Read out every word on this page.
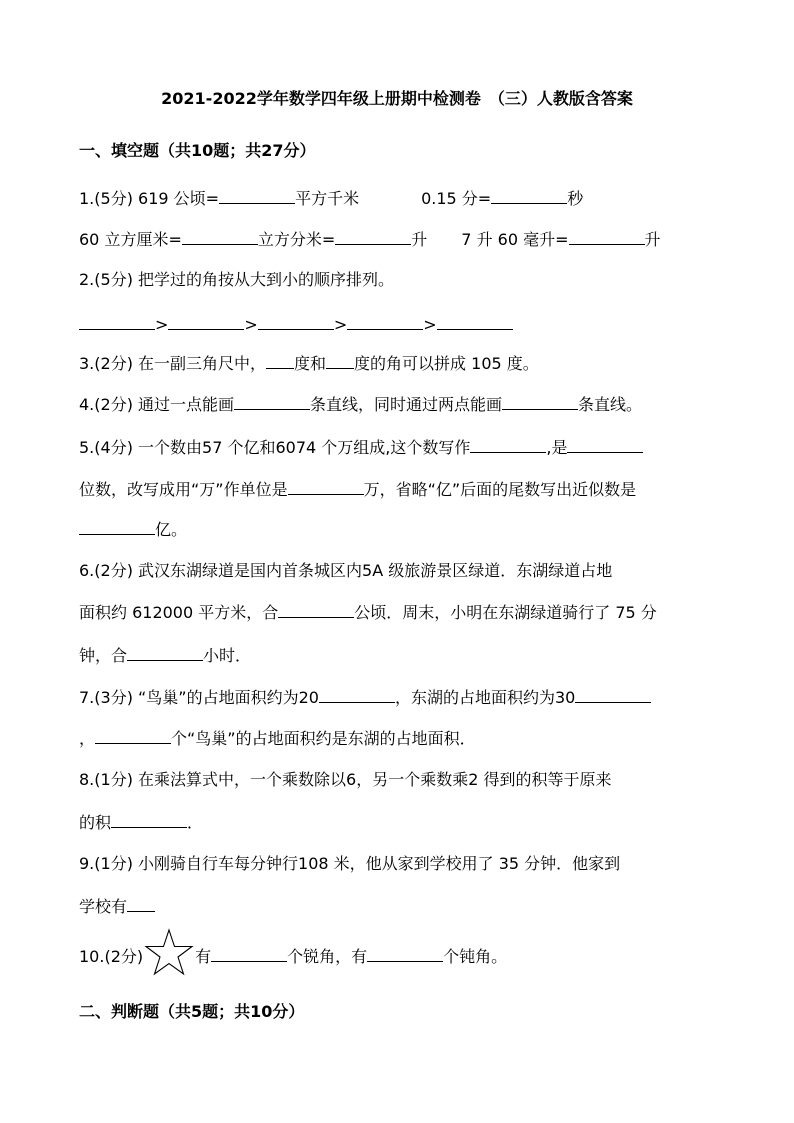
2021-2022学年数学四年级上册期中检测卷　（三）人教版含答案
一、填空题（共10题；共27分）
1.(5分) 619 公顷=	平方千米	0.15 分=	秒
60 立方厘米=	立方分米=	升 7 升 60 毫升=	升
2.(5分) 把学过的角按从大到小的顺序排列。
>	>	>	>
3.(2分) 在一副三角尺中， 度和 度的角可以拼成 105 度。
4.(2分) 通过一点能画	条直线，同时通过两点能画	条直线。
5.(4分) 一个数由57 个亿和6074 个万组成,这个数写作	,是
位数，改写成用“万”作单位是	万，省略“亿”后面的尾数写出近似数是
亿。
6.(2分) 武汉东湖绿道是国内首条城区内5A 级旅游景区绿道．东湖绿道占地
面积约 612000 平方米，合	公顷．周末，小明在东湖绿道骑行了 75 分
钟，合	小时．
7.(3分) “鸟巢”的占地面积约为20	，东湖的占地面积约为30
，	个“鸟巢”的占地面积约是东湖的占地面积．
8.(1分) 在乘法算式中，一个乘数除以6，另一个乘数乘2 得到的积等于原来
的积	．
9.(1分) 小刚骑自行车每分钟行108 米，他从家到学校用了 35 分钟．他家到
学校有
10.(2分)	有	个锐角，有	个钝角。
二、判断题（共5题；共10分）
